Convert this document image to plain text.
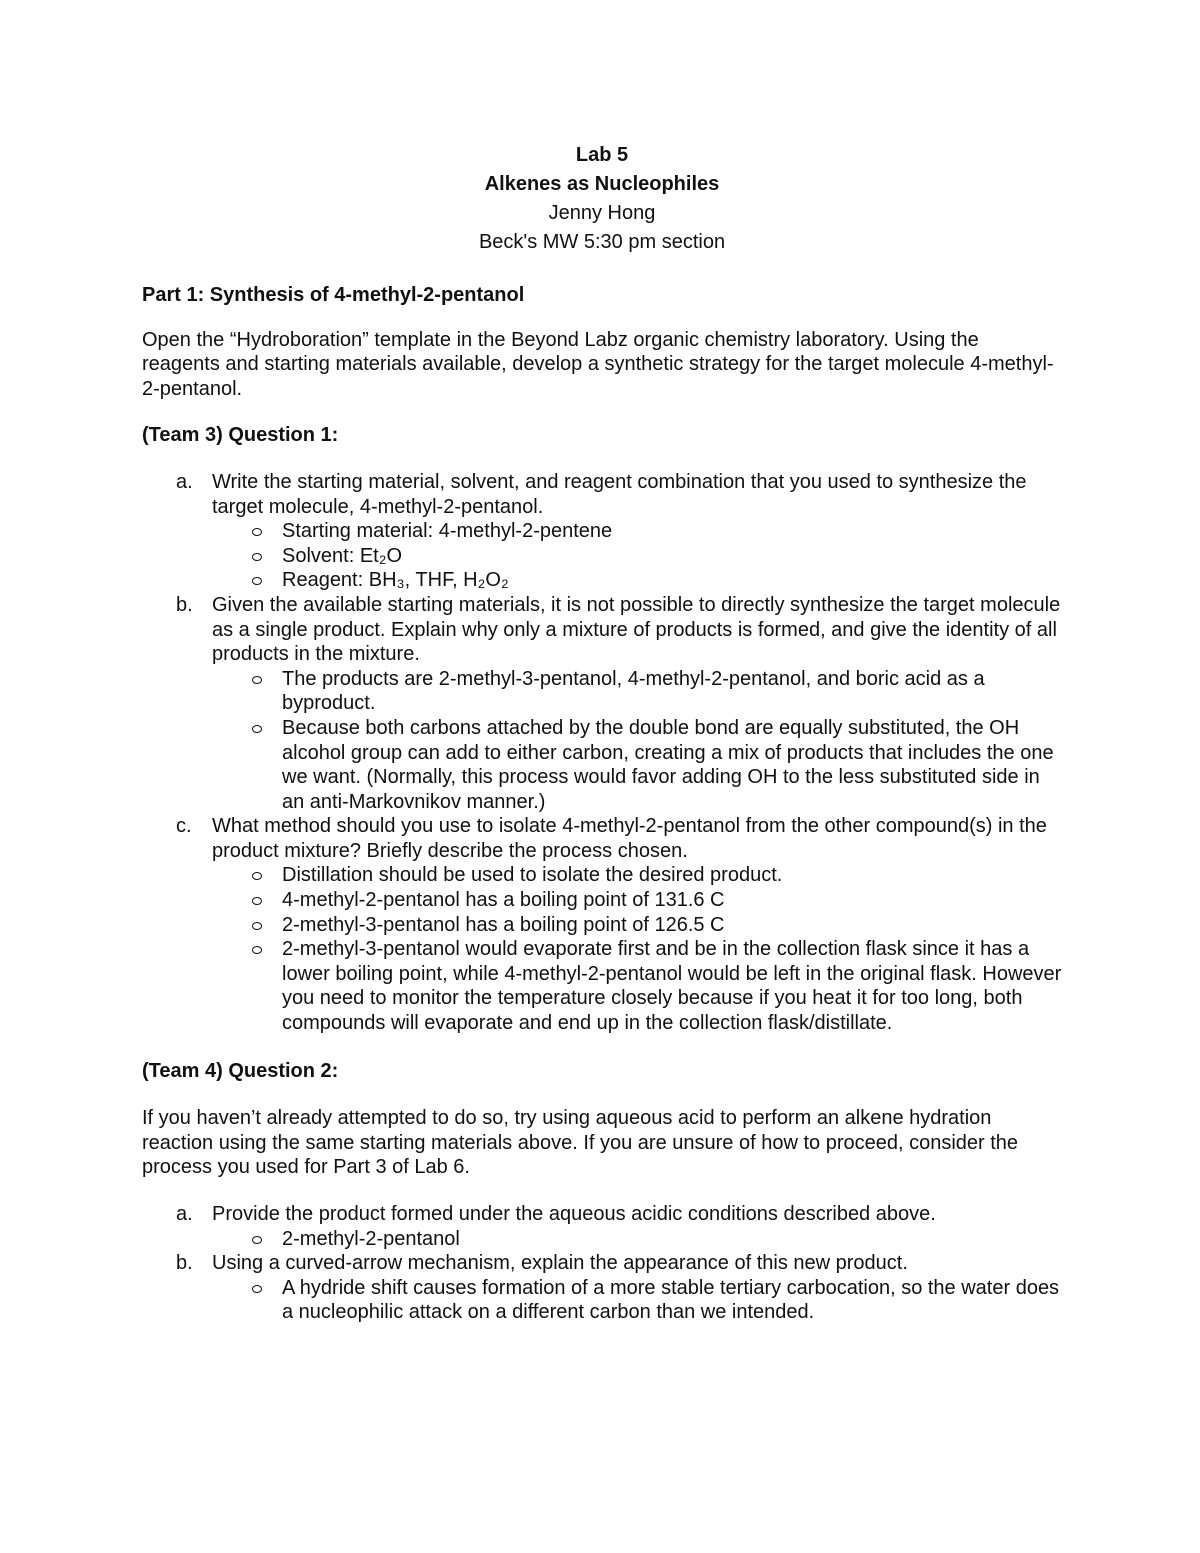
Lab 5
Alkenes as Nucleophiles
Jenny Hong
Beck's MW 5:30 pm section

Part 1: Synthesis of 4-methyl-2-pentanol

Open the “Hydroboration” template in the Beyond Labz organic chemistry laboratory. Using the reagents and starting materials available, develop a synthetic strategy for the target molecule 4-methyl-2-pentanol.

(Team 3) Question 1:

a. Write the starting material, solvent, and reagent combination that you used to synthesize the target molecule, 4-methyl-2-pentanol.
Starting material: 4-methyl-2-pentene
Solvent: Et₂O
Reagent: BH₃, THF, H₂O₂
b. Given the available starting materials, it is not possible to directly synthesize the target molecule as a single product. Explain why only a mixture of products is formed, and give the identity of all products in the mixture.
The products are 2-methyl-3-pentanol, 4-methyl-2-pentanol, and boric acid as a byproduct.
Because both carbons attached by the double bond are equally substituted, the OH alcohol group can add to either carbon, creating a mix of products that includes the one we want. (Normally, this process would favor adding OH to the less substituted side in an anti-Markovnikov manner.)
c. What method should you use to isolate 4-methyl-2-pentanol from the other compound(s) in the product mixture? Briefly describe the process chosen.
Distillation should be used to isolate the desired product.
4-methyl-2-pentanol has a boiling point of 131.6 C
2-methyl-3-pentanol has a boiling point of 126.5 C
2-methyl-3-pentanol would evaporate first and be in the collection flask since it has a lower boiling point, while 4-methyl-2-pentanol would be left in the original flask. However you need to monitor the temperature closely because if you heat it for too long, both compounds will evaporate and end up in the collection flask/distillate.

(Team 4) Question 2:

If you haven’t already attempted to do so, try using aqueous acid to perform an alkene hydration reaction using the same starting materials above. If you are unsure of how to proceed, consider the process you used for Part 3 of Lab 6.

a. Provide the product formed under the aqueous acidic conditions described above.
2-methyl-2-pentanol
b. Using a curved-arrow mechanism, explain the appearance of this new product.
A hydride shift causes formation of a more stable tertiary carbocation, so the water does a nucleophilic attack on a different carbon than we intended.
